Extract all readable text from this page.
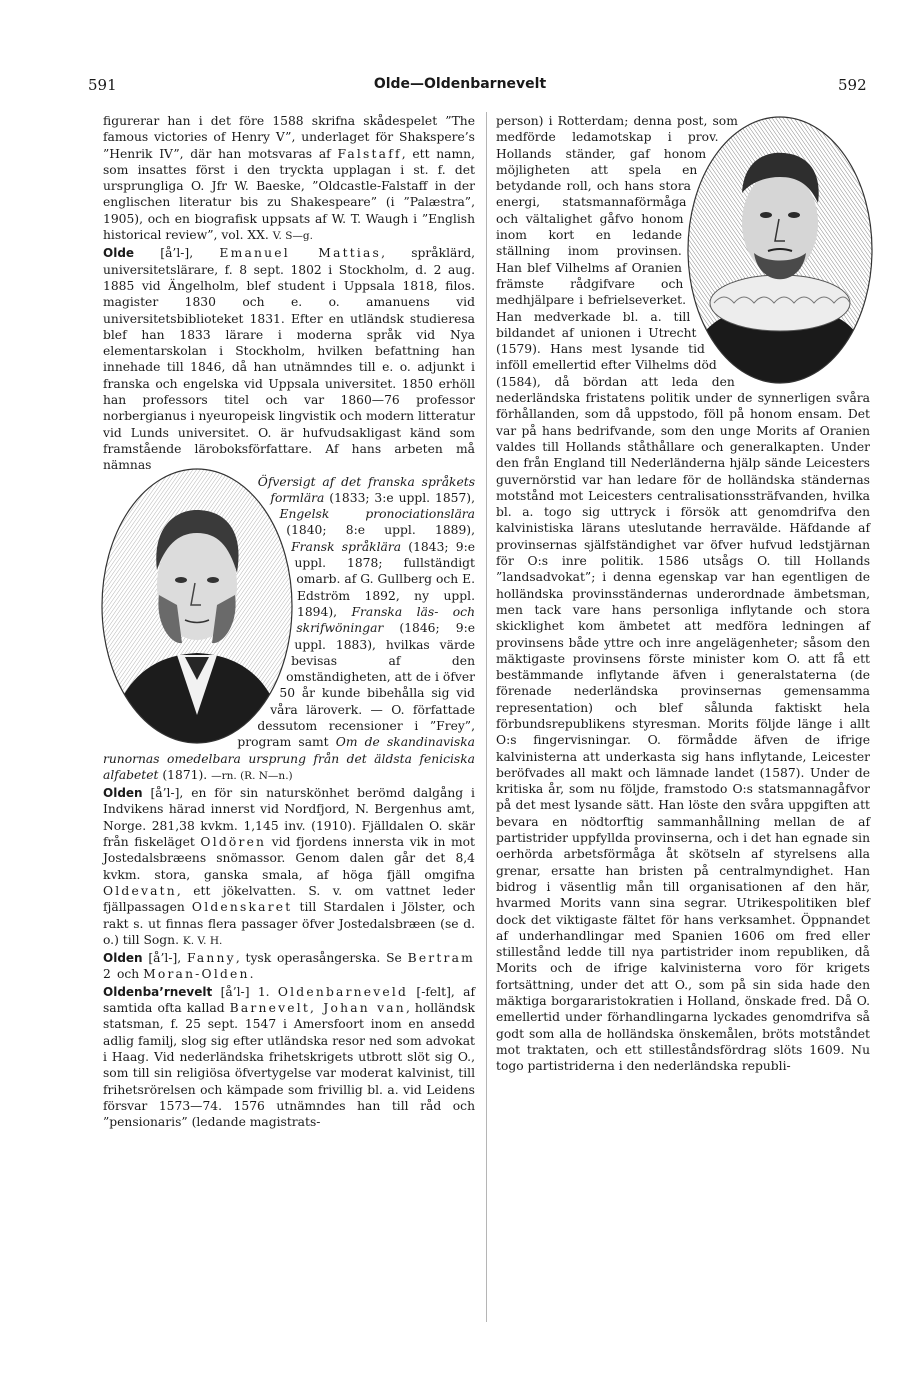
591	Olde—Oldenbarnevelt	592

figurerar han i det före 1588 skrifna skådespelet ”The famous victories of Henry V”, underlaget för Shakspere’s ”Henrik IV”, där han motsvaras af Falstaff, ett namn, som insattes först i den tryckta upplagan i st. f. det ursprungliga O. Jfr W. Baeske, ”Oldcastle-Falstaff in der englischen literatur bis zu Shakespeare” (i ”Palæstra”, 1905), och en biografisk uppsats af W. T. Waugh i ”English historical review”, vol. XX. V. S—g.

Olde [å’l-], Emanuel Mattias, språklärd, universitetslärare, f. 8 sept. 1802 i Stockholm, d. 2 aug. 1885 vid Ängelholm, blef student i Uppsala 1818, filos. magister 1830 och e. o. amanuens vid universitetsbiblioteket 1831. Efter en utländsk studieresa blef han 1833 lärare i moderna språk vid Nya elementarskolan i Stockholm, hvilken befattning han innehade till 1846, då han utnämndes till e. o. adjunkt i franska och engelska vid Uppsala universitet. 1850 erhöll han professors titel och var 1860—76 professor norbergianus i nyeuropeisk lingvistik och modern litteratur vid Lunds universitet. O. är hufvudsakligast känd som framstående läroboksförfattare. Af hans arbeten må nämnas

Öfversigt af det franska språkets formlära (1833; 3:e uppl. 1857), Engelsk pronociationslära (1840; 8:e uppl. 1889), Fransk språklära (1843; 9:e uppl. 1878; fullständigt omarb. af G. Gullberg och E. Edström 1892, ny uppl. 1894), Franska läs- och skrifwöningar (1846; 9:e uppl. 1883), hvilkas värde bevisas af den omständigheten, att de i öfver 50 år kunde bibehålla sig vid våra läroverk. — O. författade dessutom recensioner i ”Frey”, program samt Om de skandinaviska runornas omedelbara ursprung från det äldsta feniciska alfabetet (1871). —rn. (R. N—n.)

Olden [å’l-], en för sin naturskönhet berömd dalgång i Indvikens härad innerst vid Nordfjord, N. Bergenhus amt, Norge. 281,38 kvkm. 1,145 inv. (1910). Fjälldalen O. skär från fiskeläget Oldören vid fjordens innersta vik in mot Jostedalsbræens snömassor. Genom dalen går det 8,4 kvkm. stora, ganska smala, af höga fjäll omgifna Oldevatn, ett jökelvatten. S. v. om vattnet leder fjällpassagen Oldenskaret till Stardalen i Jölster, och rakt s. ut finnas flera passager öfver Jostedalsbræen (se d. o.) till Sogn. K. V. H.

Olden [å’l-], Fanny, tysk operasångerska. Se Bertram 2 och Moran-Olden.

Oldenba’rnevelt [å’l-] 1. Oldenbarneveld [-felt], af samtida ofta kallad Barnevelt, Johan van, holländsk statsman, f. 25 sept. 1547 i Amersfoort inom en ansedd adlig familj, slog sig efter utländska resor ned som advokat i Haag. Vid nederländska frihetskrigets utbrott slöt sig O., som till sin religiösa öfvertygelse var moderat kalvinist, till frihetsrörelsen och kämpade som frivillig bl. a. vid Leidens försvar 1573—74. 1576 utnämndes han till råd och ”pensionaris” (ledande magistrats-

person) i Rotterdam; denna post, som medförde ledamotskap i prov. Hollands ständer, gaf honom möjligheten att spela en betydande roll, och hans stora energi, statsmannaförmåga och vältalighet gåfvo honom inom kort en ledande ställning inom provinsen. Han blef Vilhelms af Oranien främste rådgifvare och medhjälpare i befrielseverket. Han medverkade bl. a. till bildandet af unionen i Utrecht (1579). Hans mest lysande tid inföll emellertid efter Vilhelms död (1584), då bördan att leda den nederländska fristatens politik under de synnerligen svåra förhållanden, som då uppstodo, föll på honom ensam. Det var på hans bedrifvande, som den unge Morits af Oranien valdes till Hollands ståthållare och generalkapten. Under den från England till Nederländerna hjälp sände Leicesters guvernörstid var han ledare för de holländska ständernas motstånd mot Leicesters centralisationssträfvanden, hvilka bl. a. togo sig uttryck i försök att genomdrifva den kalvinistiska lärans uteslutande herravälde. Häfdande af provinsernas själfständighet var öfver hufvud ledstjärnan för O:s inre politik. 1586 utsågs O. till Hollands ”landsadvokat”; i denna egenskap var han egentligen de holländska provinsständernas underordnade ämbetsman, men tack vare hans personliga inflytande och stora skicklighet kom ämbetet att medföra ledningen af provinsens både yttre och inre angelägenheter; såsom den mäktigaste provinsens förste minister kom O. att få ett bestämmande inflytande äfven i generalstaterna (de förenade nederländska provinsernas gemensamma representation) och blef sålunda faktiskt hela förbundsrepublikens styresman. Morits följde länge i allt O:s fingervisningar. O. förmådde äfven de ifrige kalvinisterna att underkasta sig hans inflytande, Leicester beröfvades all makt och lämnade landet (1587). Under de kritiska år, som nu följde, framstodo O:s statsmannagåfvor på det mest lysande sätt. Han löste den svåra uppgiften att bevara en nödtorftig sammanhållning mellan de af partistrider uppfyllda provinserna, och i det han egnade sin oerhörda arbetsförmåga åt skötseln af styrelsens alla grenar, ersatte han bristen på centralmyndighet. Han bidrog i väsentlig mån till organisationen af den här, hvarmed Morits vann sina segrar. Utrikespolitiken blef dock det viktigaste fältet för hans verksamhet. Öppnandet af underhandlingar med Spanien 1606 om fred eller stillestånd ledde till nya partistrider inom republiken, då Morits och de ifrige kalvinisterna voro för krigets fortsättning, under det att O., som på sin sida hade den mäktiga borgararistokratien i Holland, önskade fred. Då O. emellertid under förhandlingarna lyckades genomdrifva så godt som alla de holländska önskemålen, bröts motståndet mot traktaten, och ett stilleståndsfördrag slöts 1609. Nu togo partistriderna i den nederländska republi-
